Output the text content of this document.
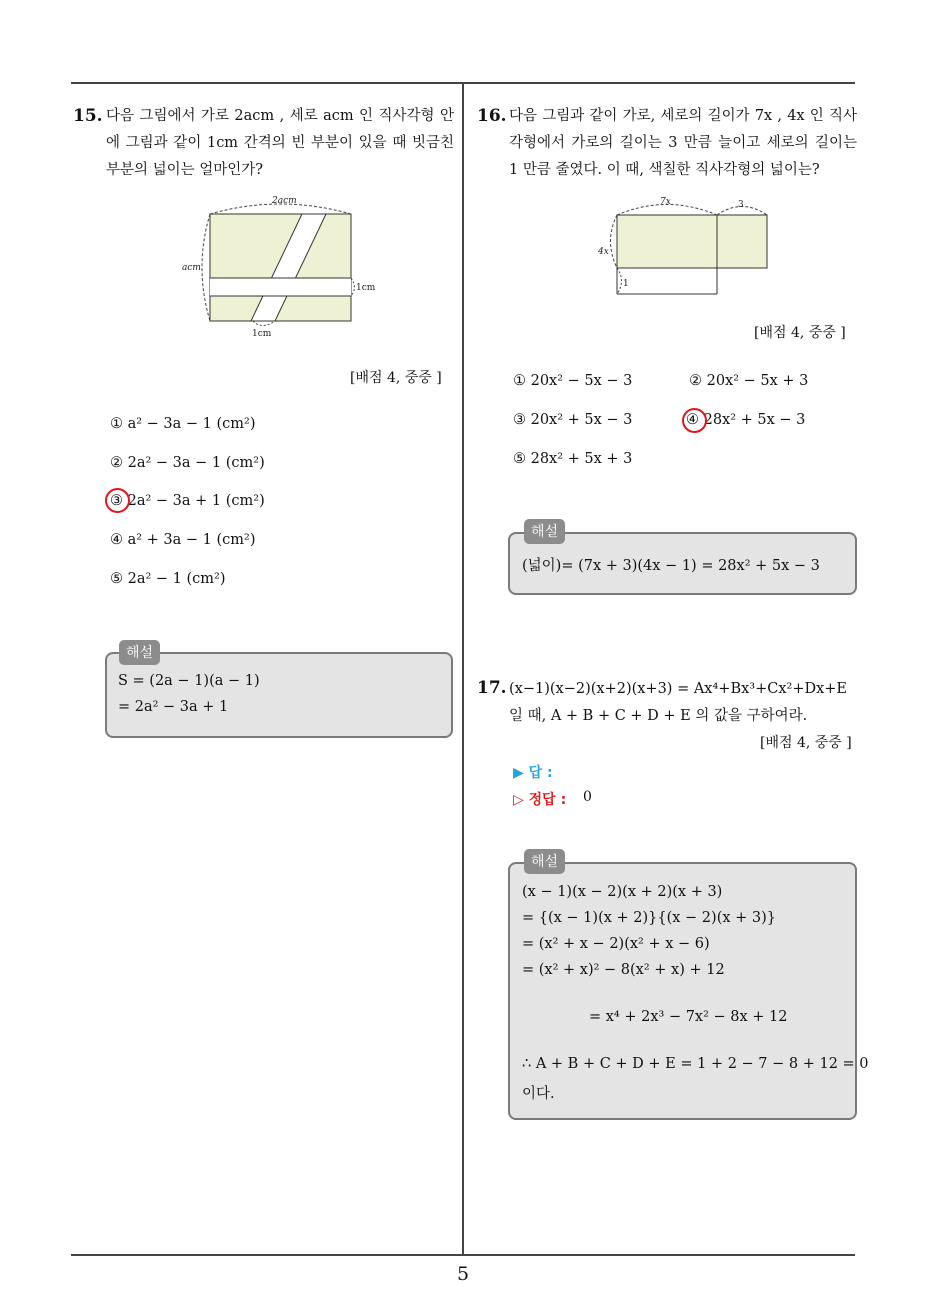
5
15. 다음 그림에서 가로 2acm , 세로 acm 인 직사각형 안에 그림과 같이 1cm 간격의 빈 부분이 있을 때 빗금친 부분의 넓이는 얼마인가?
2acm
acm
1cm
1cm
[배점 4, 중중 ]
① a² − 3a − 1 (cm²)
② 2a² − 3a − 1 (cm²)
③ 2a² − 3a + 1 (cm²)
④ a² + 3a − 1 (cm²)
⑤ 2a² − 1 (cm²)
해설
S = (2a − 1)(a − 1)
= 2a² − 3a + 1
16. 다음 그림과 같이 가로, 세로의 길이가 7x , 4x 인 직사각형에서 가로의 길이는 3 만큼 늘이고 세로의 길이는 1 만큼 줄였다. 이 때, 색칠한 직사각형의 넓이는?
7x	3
4x
1
[배점 4, 중중 ]
① 20x² − 5x − 3	② 20x² − 5x + 3
③ 20x² + 5x − 3	④ 28x² + 5x − 3
⑤ 28x² + 5x + 3
해설
(넓이)= (7x + 3)(4x − 1) = 28x² + 5x − 3
17. (x−1)(x−2)(x+2)(x+3) = Ax⁴+Bx³+Cx²+Dx+E
일 때, A + B + C + D + E 의 값을 구하여라.
[배점 4, 중중 ]
▶ 답 :
▷ 정답 : 0
해설
(x − 1)(x − 2)(x + 2)(x + 3)
= {(x − 1)(x + 2)}{(x − 2)(x + 3)}
= (x² + x − 2)(x² + x − 6)
= (x² + x)² − 8(x² + x) + 12
= x⁴ + 2x³ − 7x² − 8x + 12
∴ A + B + C + D + E = 1 + 2 − 7 − 8 + 12 = 0
이다.
